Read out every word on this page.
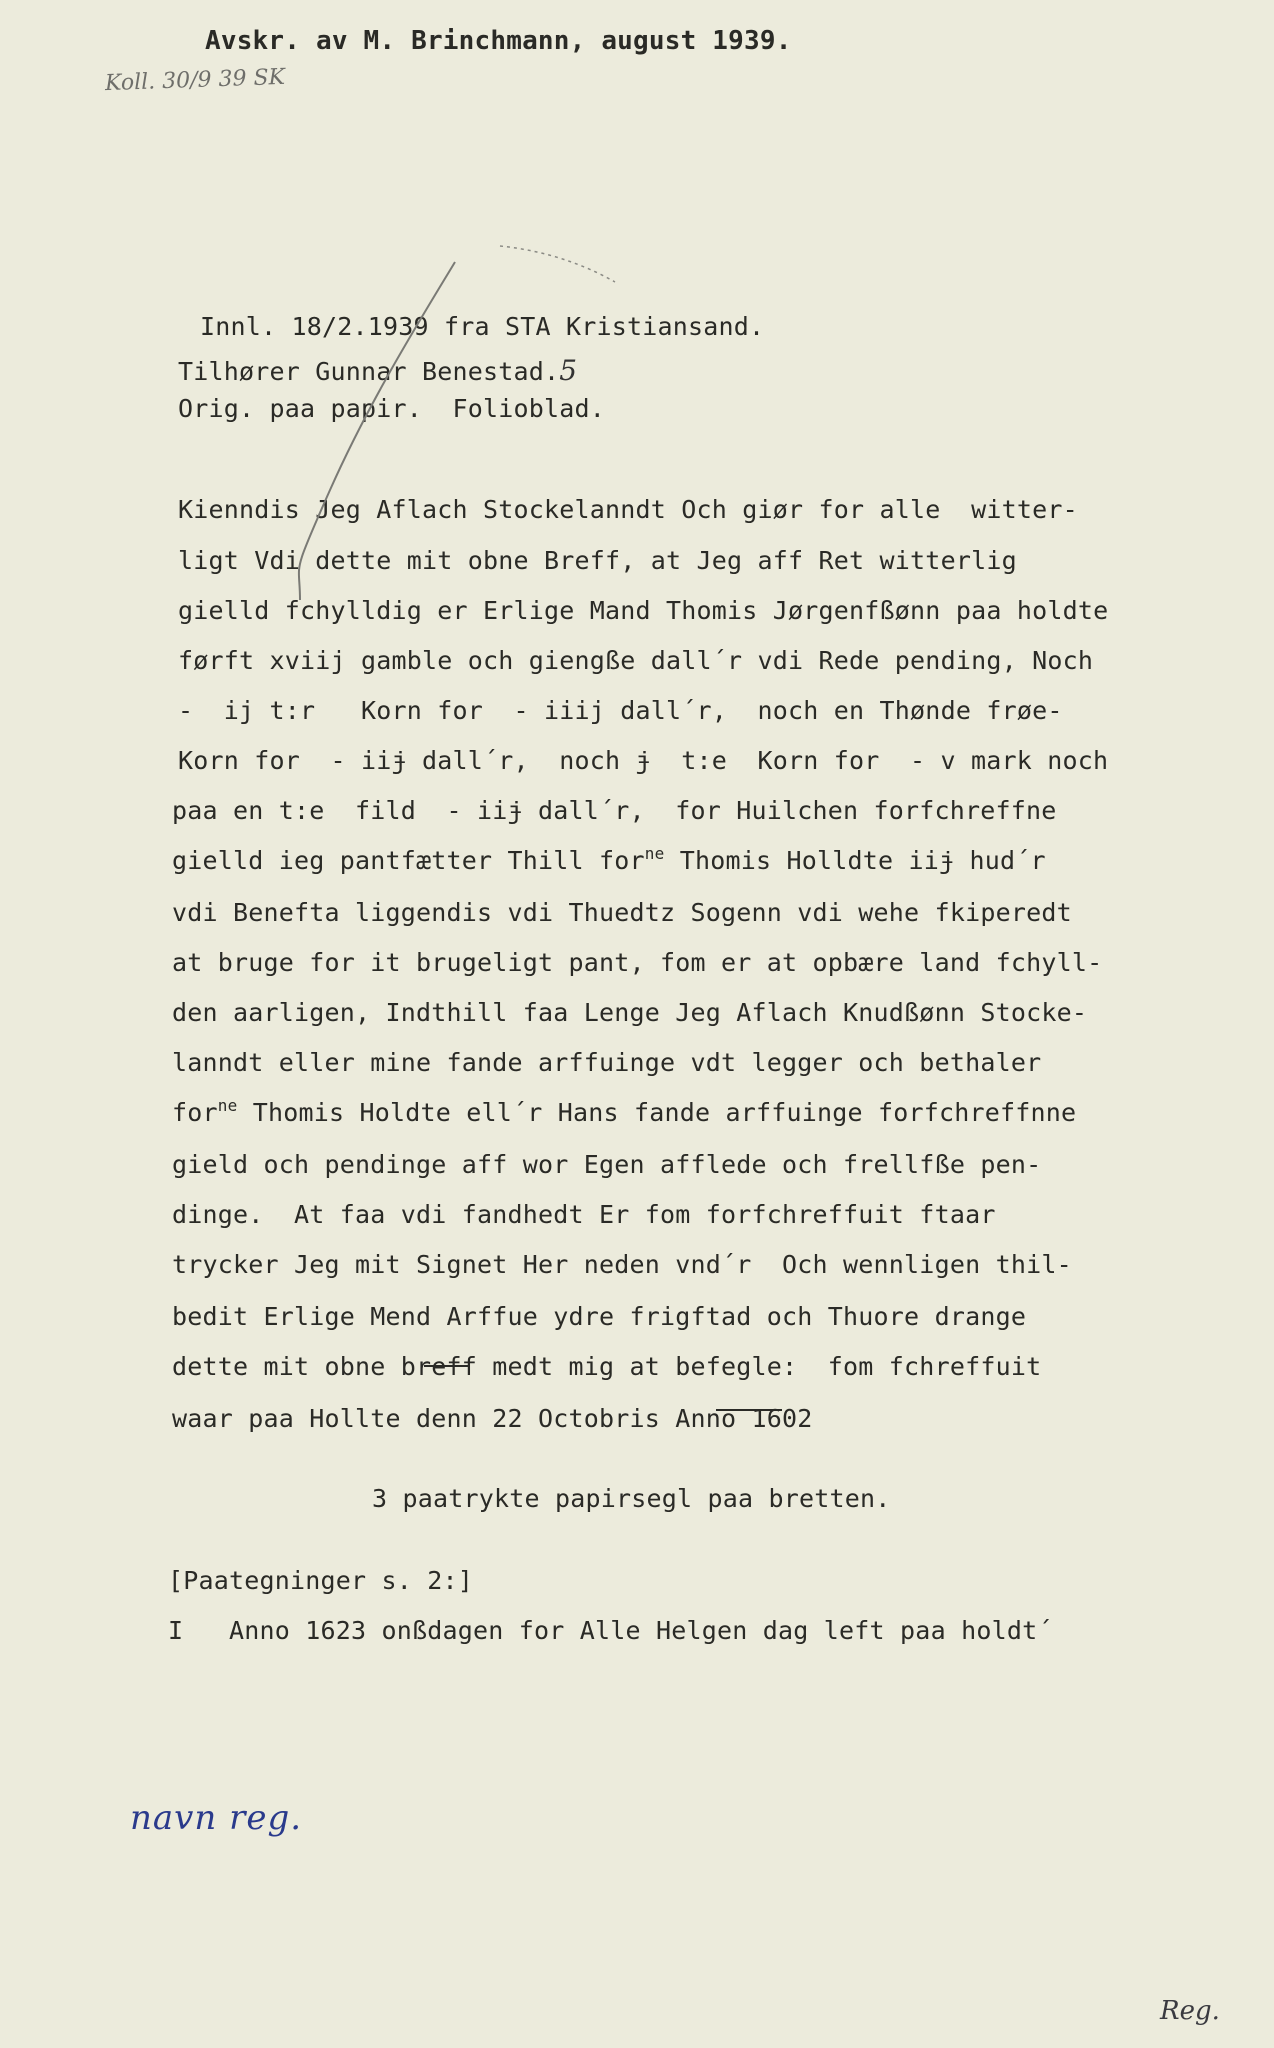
Avskr. av M. Brinchmann, august 1939.
Koll. 30/9 39 SK
Innl. 18/2.1939 fra STA Kristiansand.
Tilhører Gunnar Benestad.5
Orig. paa papir.  Folioblad.
Kienndis Jeg Aflach Stockelanndt Och giør for alle  witter-
ligt Vdi dette mit obne Breff, at Jeg aff Ret witterlig
gielld fchylldig er Erlige Mand Thomis Jørgenfßønn paa holdte
førft xviij gamble och giengße dall´r vdi Rede pending, Noch
-  ij t:r   Korn for  - iiij dall´r,  noch en Thønde frøe-
Korn for  - iiɉ dall´r,  noch ɉ  t:e  Korn for  - v mark noch
paa en t:e  fild  - iiɉ dall´r,  for Huilchen forfchreffne
gielld ieg pantfætter Thill for$^{ne}$ Thomis Holldte iiɉ hud´r
vdi Benefta liggendis vdi Thuedtz Sogenn vdi wehe fkiperedt
at bruge for it brugeligt pant, fom er at opbære land fchyll-
den aarligen, Indthill faa Lenge Jeg Aflach Knudßønn Stocke-
lanndt eller mine fande arffuinge vdt legger och bethaler
for$^{ne}$ Thomis Holdte ell´r Hans fande arffuinge forfchreffnne
gield och pendinge aff wor Egen afflede och frellfße pen-
dinge.  At faa vdi fandhedt Er fom forfchreffuit ftaar
trycker Jeg mit Signet Her neden vnd´r  Och wennligen thil-
bedit Erlige Mend Arffue ydre frigftad och Thuore drange
dette mit obne breff medt mig at befegle:  fom fchreffuit
waar paa Hollte denn 22 Octobris Anno 1602
3 paatrykte papirsegl paa bretten.
[Paategninger s. 2:]
I   Anno 1623 onßdagen for Alle Helgen dag left paa holdt´
navn reg.
Reg.
